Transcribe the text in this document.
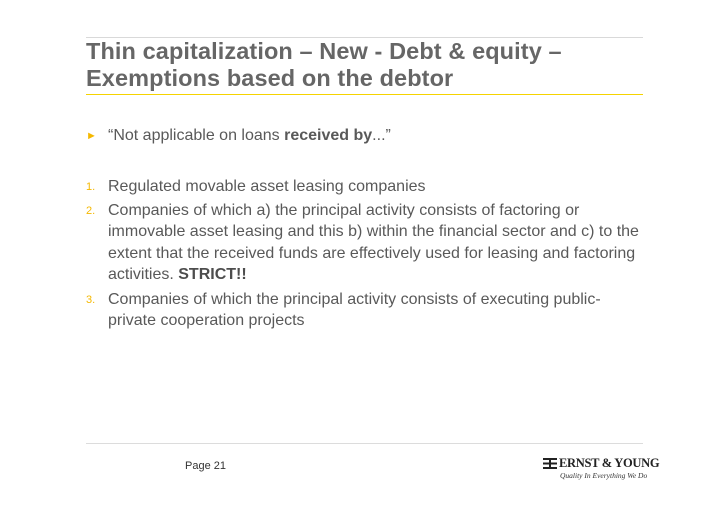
Thin capitalization – New - Debt & equity – Exemptions based on the debtor
► “Not applicable on loans received by...”
1. Regulated movable asset leasing companies
2. Companies of which a) the principal activity consists of factoring or immovable asset leasing and this b) within the financial sector and c) to the extent that the received funds are effectively used for leasing and factoring activities. STRICT!!
3. Companies of which the principal activity consists of executing public-private cooperation projects
Page 21	ERNST & YOUNG
Quality In Everything We Do
